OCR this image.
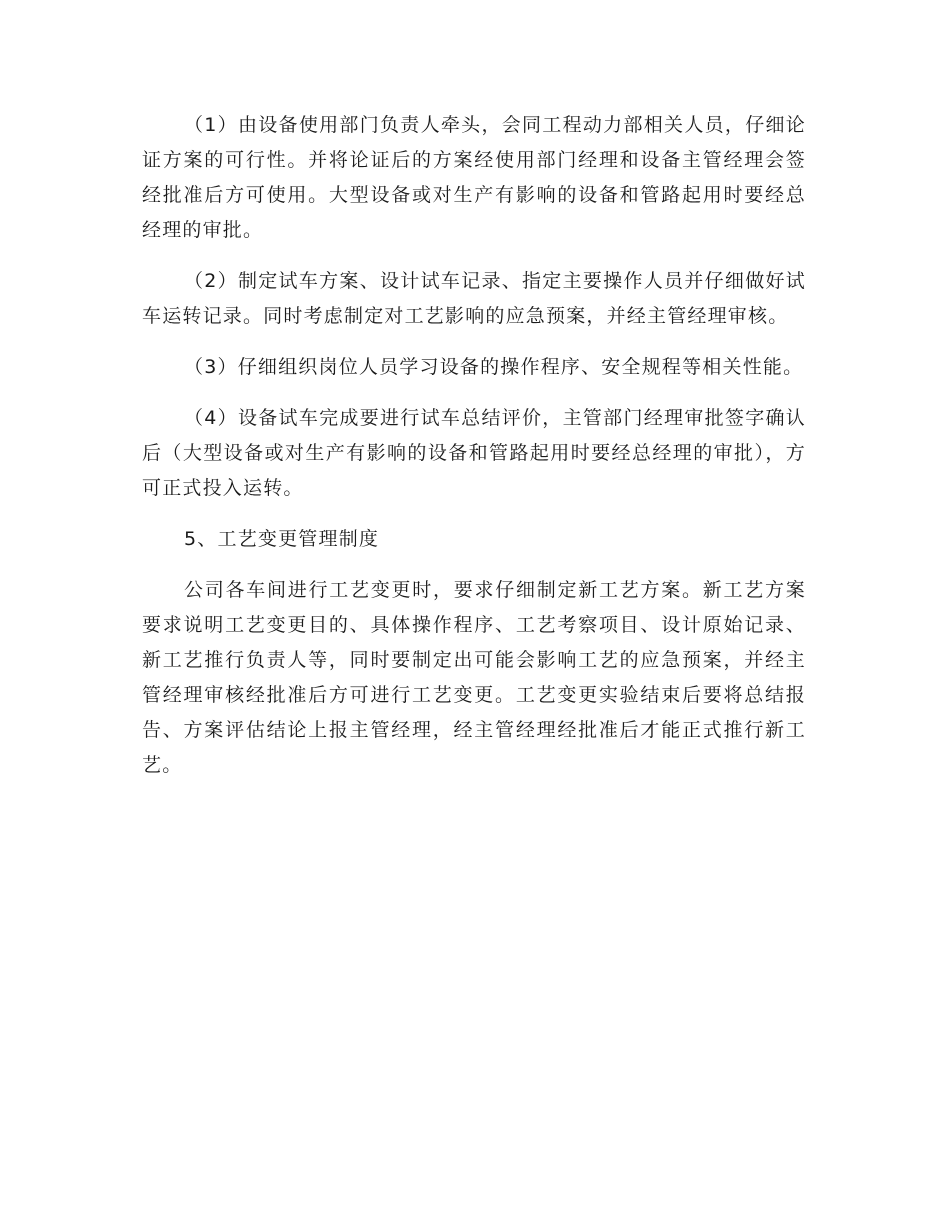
（1）由设备使用部门负责人牵头，会同工程动力部相关人员，仔细论证方案的可行性。并将论证后的方案经使用部门经理和设备主管经理会签经批准后方可使用。大型设备或对生产有影响的设备和管路起用时要经总经理的审批。

（2）制定试车方案、设计试车记录、指定主要操作人员并仔细做好试车运转记录。同时考虑制定对工艺影响的应急预案，并经主管经理审核。

（3）仔细组织岗位人员学习设备的操作程序、安全规程等相关性能。

（4）设备试车完成要进行试车总结评价，主管部门经理审批签字确认后（大型设备或对生产有影响的设备和管路起用时要经总经理的审批），方可正式投入运转。

5、工艺变更管理制度

公司各车间进行工艺变更时，要求仔细制定新工艺方案。新工艺方案要求说明工艺变更目的、具体操作程序、工艺考察项目、设计原始记录、新工艺推行负责人等，同时要制定出可能会影响工艺的应急预案，并经主管经理审核经批准后方可进行工艺变更。工艺变更实验结束后要将总结报告、方案评估结论上报主管经理，经主管经理经批准后才能正式推行新工艺。
